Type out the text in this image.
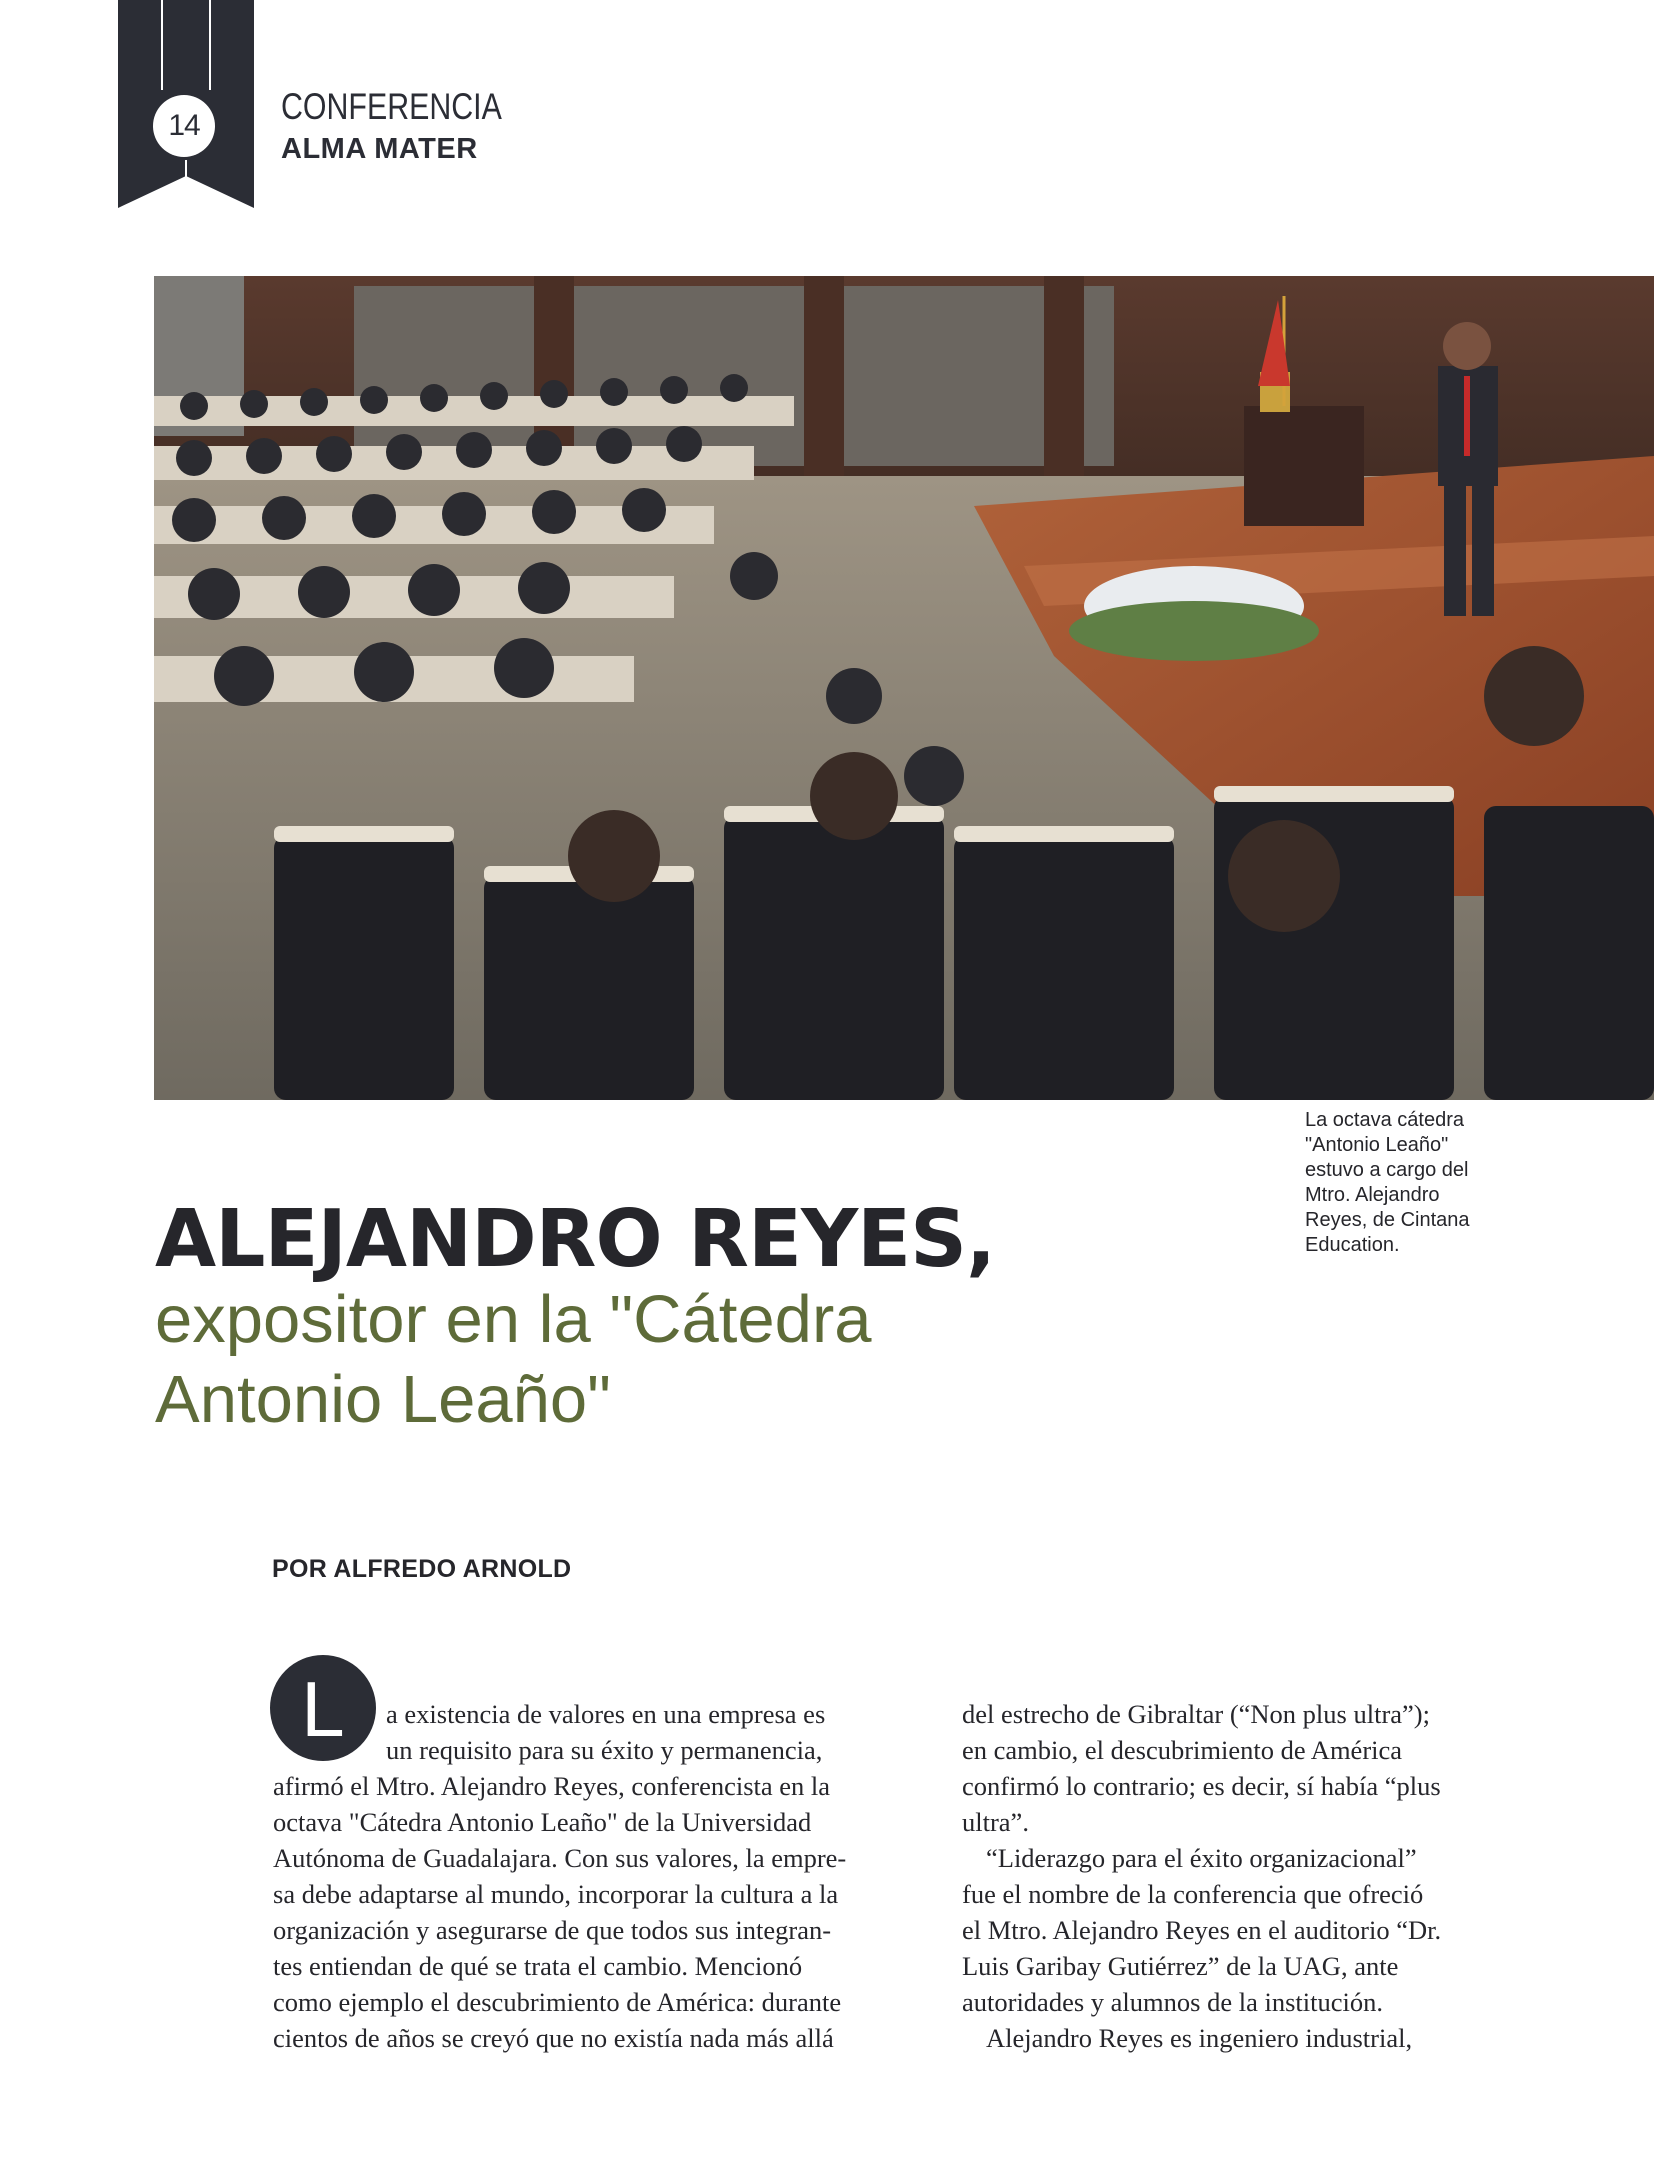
14 CONFERENCIA
ALMA MATER

La octava cátedra

"Antonio Leaño"

estuvo a cargo del

Mtro. Alejandro

Reyes, de Cintana

Education.

ALEJANDRO REYES,

expositor en la "Cátedra

Antonio Leaño"

POR ALFREDO ARNOLD
L	a existencia de valores en una empresa es

un requisito para su éxito y permanencia,

afirmó el Mtro. Alejandro Reyes, conferencista en la

octava "Cátedra Antonio Leaño" de la Universidad

Autónoma de Guadalajara. Con sus valores, la empre-

sa debe adaptarse al mundo, incorporar la cultura a la

organización y asegurarse de que todos sus integran-

tes entiendan de qué se trata el cambio. Mencionó

como ejemplo el descubrimiento de América: durante

cientos de años se creyó que no existía nada más allá

del estrecho de Gibraltar (“Non plus ultra”);

en cambio, el descubrimiento de América

confirmó lo contrario; es decir, sí había “plus

ultra”.

“Liderazgo para el éxito organizacional”

fue el nombre de la conferencia que ofreció

el Mtro. Alejandro Reyes en el auditorio “Dr.

Luis Garibay Gutiérrez” de la UAG, ante

autoridades y alumnos de la institución.

Alejandro Reyes es ingeniero industrial,
